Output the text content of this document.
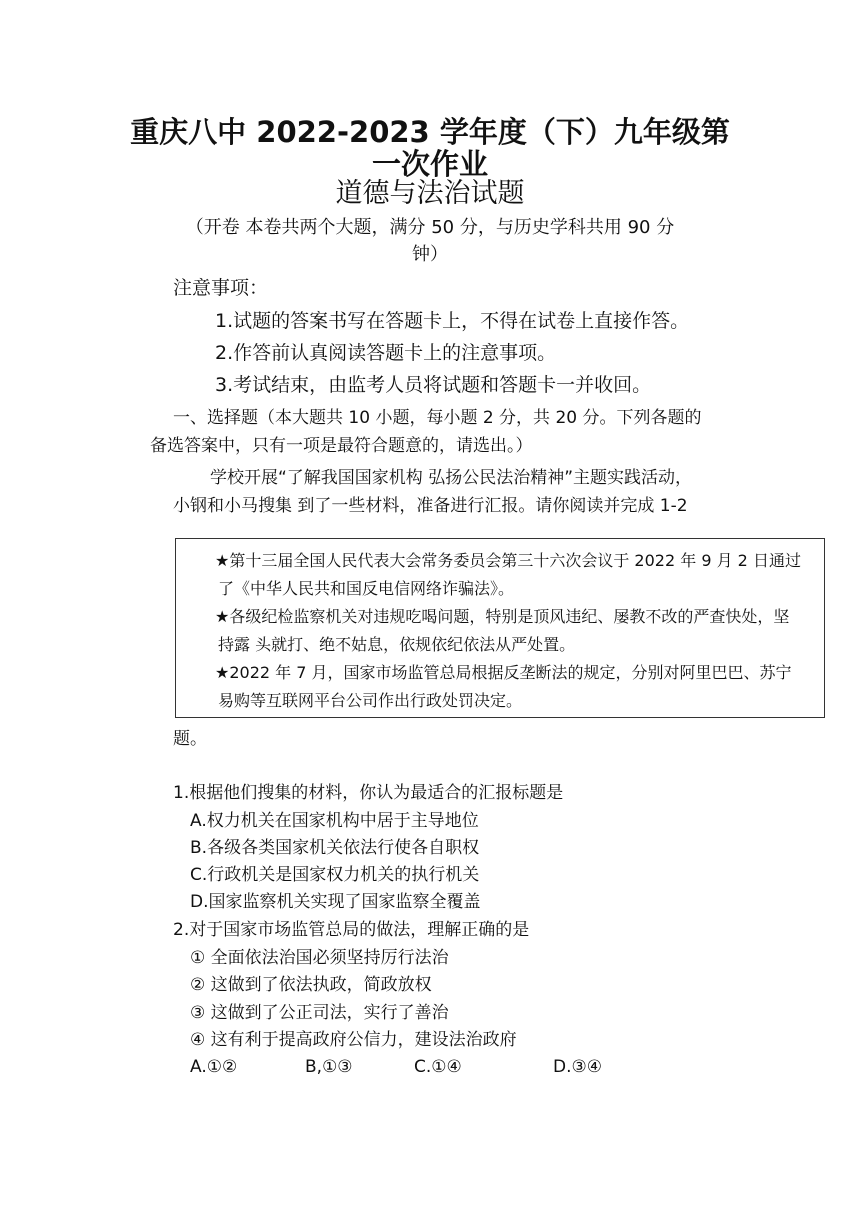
重庆八中 2022-2023 学年度（下）九年级第
一次作业
道德与法治试题
（开卷 本卷共两个大题，满分 50 分，与历史学科共用 90 分
钟）
注意事项：
1.试题的答案书写在答题卡上，不得在试卷上直接作答。
2.作答前认真阅读答题卡上的注意事项。
3.考试结束，由监考人员将试题和答题卡一并收回。
一、选择题（本大题共 10 小题，每小题 2 分，共 20 分。下列各题的
备选答案中，只有一项是最符合题意的，请选出。）
学校开展“了解我国国家机构 弘扬公民法治精神”主题实践活动，
小钢和小马搜集 到了一些材料，准备进行汇报。请你阅读并完成 1-2
★第十三届全国人民代表大会常务委员会第三十六次会议于 2022 年 9 月 2 日通过
了《中华人民共和国反电信网络诈骗法》。
★各级纪检监察机关对违规吃喝问题，特别是顶风违纪、屡教不改的严查快处，坚
持露 头就打、绝不姑息，依规依纪依法从严处置。
★2022 年 7 月，国家市场监管总局根据反垄断法的规定，分别对阿里巴巴、苏宁
易购等互联网平台公司作出行政处罚决定。
题。
1.根据他们搜集的材料，你认为最适合的汇报标题是
A.权力机关在国家机构中居于主导地位
B.各级各类国家机关依法行使各自职权
C.行政机关是国家权力机关的执行机关
D.国家监察机关实现了国家监察全覆盖
2.对于国家市场监管总局的做法，理解正确的是
① 全面依法治国必须坚持厉行法治
② 这做到了依法执政，简政放权
③ 这做到了公正司法，实行了善治
④ 这有利于提高政府公信力，建设法治政府
A.①②	B,①③	C.①④	D.③④
